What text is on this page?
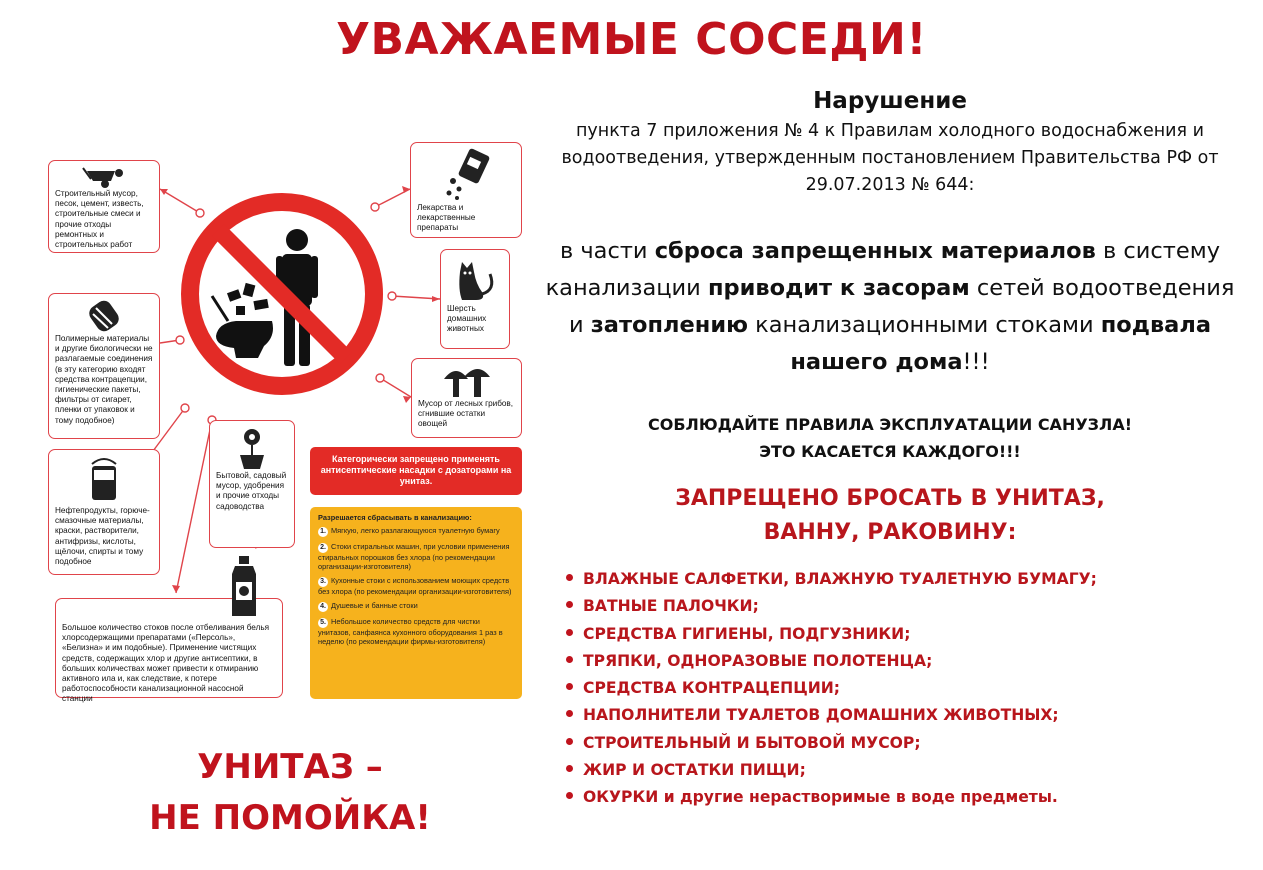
УВАЖАЕМЫЕ СОСЕДИ!
Строительный мусор, песок, цемент, известь, строительные смеси и прочие отходы ремонтных и строительных работ
Полимерные материалы и другие биологически не разлагаемые соединения (в эту категорию входят средства контрацепции, гигиенические пакеты, фильтры от сигарет, пленки от упаковок и тому подобное)
Нефтепродукты, горюче-смазочные материалы, краски, растворители, антифризы, кислоты, щёлочи, спирты и тому подобное
Бытовой, садовый мусор, удобрения и прочие отходы садоводства
Большое количество стоков после отбеливания белья хлорсодержащими препаратами («Персоль», «Белизна» и им подобные). Применение чистящих средств, содержащих хлор и другие антисептики, в больших количествах может привести к отмиранию активного ила и, как следствие, к потере работоспособности канализационной насосной станции
Лекарства и лекарственные препараты
Шерсть домашних животных
Мусор от лесных грибов, сгнившие остатки овощей
Категорически запрещено применять антисептические насадки с дозаторами на унитаз.
Разрешается сбрасывать в канализацию:
1. Мягкую, легко разлагающуюся туалетную бумагу
2. Стоки стиральных машин, при условии применения стиральных порошков без хлора (по рекомендации организации-изготовителя)
3. Кухонные стоки с использованием моющих средств без хлора (по рекомендации организации-изготовителя)
4. Душевые и банные стоки
5. Небольшое количество средств для чистки унитазов, санфаянса кухонного оборудования 1 раз в неделю (по рекомендации фирмы-изготовителя)
Нарушение
пункта 7 приложения № 4 к Правилам холодного водоснабжения и водоотведения, утвержденным постановлением Правительства РФ от 29.07.2013 № 644:
в части сброса запрещенных материалов в систему канализации приводит к засорам сетей водоотведения и затоплению канализационными стоками подвала нашего дома!!!
СОБЛЮДАЙТЕ ПРАВИЛА ЭКСПЛУАТАЦИИ САНУЗЛА!
ЭТО КАСАЕТСЯ КАЖДОГО!!!
ЗАПРЕЩЕНО БРОСАТЬ В УНИТАЗ,
ВАННУ, РАКОВИНУ:
ВЛАЖНЫЕ САЛФЕТКИ, ВЛАЖНУЮ ТУАЛЕТНУЮ БУМАГУ;
ВАТНЫЕ ПАЛОЧКИ;
СРЕДСТВА ГИГИЕНЫ, ПОДГУЗНИКИ;
ТРЯПКИ, ОДНОРАЗОВЫЕ ПОЛОТЕНЦА;
СРЕДСТВА КОНТРАЦЕПЦИИ;
НАПОЛНИТЕЛИ ТУАЛЕТОВ ДОМАШНИХ ЖИВОТНЫХ;
СТРОИТЕЛЬНЫЙ И БЫТОВОЙ МУСОР;
ЖИР И ОСТАТКИ ПИЩИ;
ОКУРКИ и другие нерастворимые в воде предметы.
УНИТАЗ –
НЕ ПОМОЙКА!
